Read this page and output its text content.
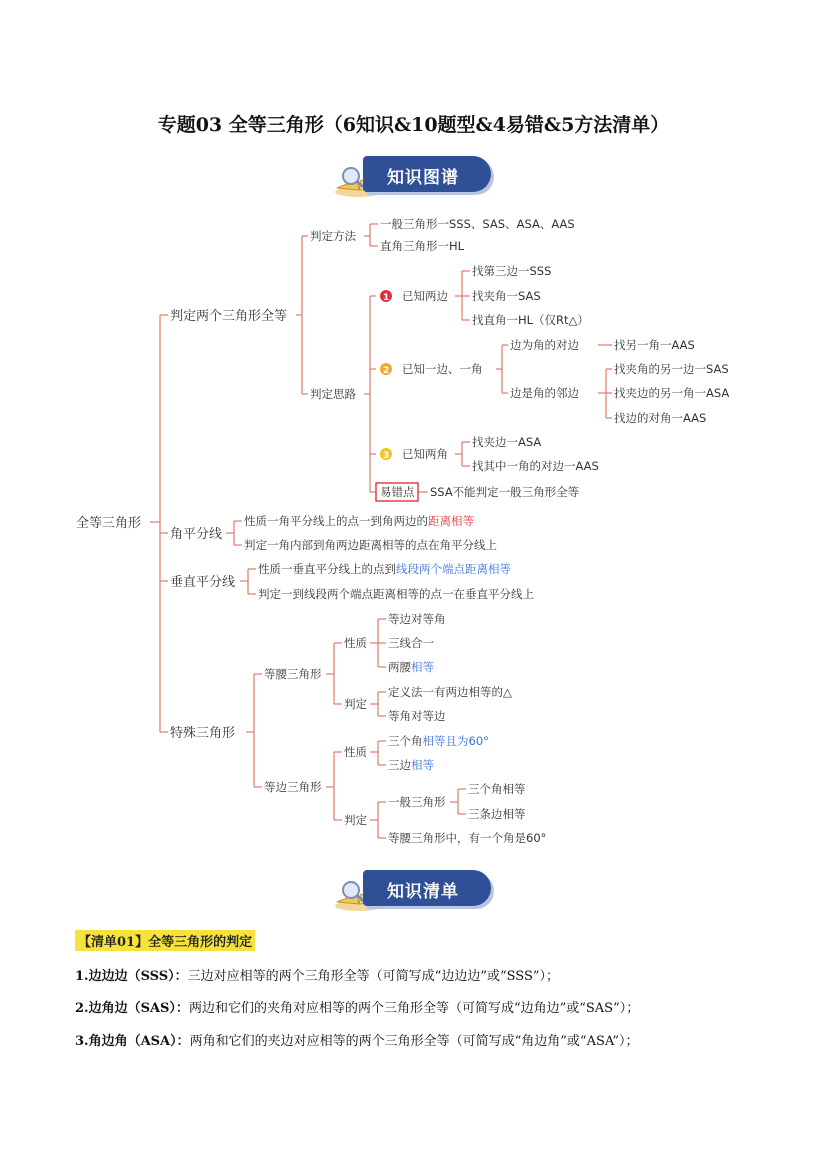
专题03 全等三角形（6知识&10题型&4易错&5方法清单）
知识图谱
全等三角形
判定两个三角形全等
判定方法
一般三角形一SSS、SAS、ASA、AAS
直角三角形一HL
判定思路
1 已知两边
找第三边一SSS
找夹角一SAS
找直角一HL（仅Rt△）
2 已知一边、一角
边为角的对边	找另一角一AAS
边是角的邻边
找夹角的另一边一SAS
找夹边的另一角一ASA
找边的对角一AAS
3 已知两角
找夹边一ASA
找其中一角的对边一AAS
易错点 SSA不能判定一般三角形全等
角平分线
性质一角平分线上的点一到角两边的距离相等
判定一角内部到角两边距离相等的点在角平分线上
垂直平分线
性质一垂直平分线上的点到线段两个端点距离相等
判定一到线段两个端点距离相等的点一在垂直平分线上
特殊三角形
等腰三角形
性质
等边对等角
三线合一
两腰相等
判定
定义法一有两边相等的△
等角对等边
等边三角形
性质
三个角相等且为60°
三边相等
判定
一般三角形
三个角相等
三条边相等
等腰三角形中，有一个角是60°
知识清单
【清单01】全等三角形的判定
1.边边边（SSS）：三边对应相等的两个三角形全等（可简写成“边边边”或“SSS”）；
2.边角边（SAS）：两边和它们的夹角对应相等的两个三角形全等（可简写成“边角边”或“SAS”）；
3.角边角（ASA）：两角和它们的夹边对应相等的两个三角形全等（可简写成“角边角”或“ASA”）；
